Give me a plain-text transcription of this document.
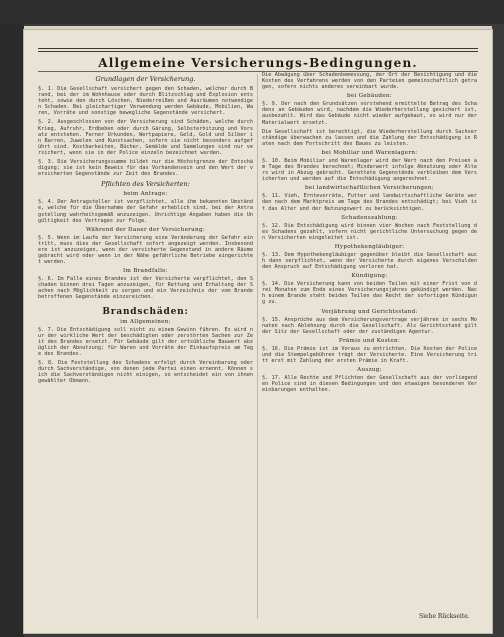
Allgemeine Versicherungs-Bedingungen.
Grundlagen der Versicherung.

§. 1. Die Gesellschaft versichert gegen den Schaden, welcher durch Brand, bei der im Wohnhause oder durch Blitzschlag und Explosion entsteht, sowie den durch Löschen, Niederreißen und Ausräumen notwendigen Schaden. Bei gleichartiger Verwendung werden Gebäude, Mobilien, Waren, Vorräte und sonstige bewegliche Gegenstände versichert.

§. 2. Ausgeschlossen von der Versicherung sind Schäden, welche durch Krieg, Aufruhr, Erdbeben oder durch Gärung, Selbsterhitzung und Vorsatz entstehen. Ferner Urkunden, Wertpapiere, Geld, Gold und Silber in Barren, Juwelen und Kunstsachen, sofern sie nicht besonders aufgeführt sind. Kostbarkeiten, Bücher, Gemälde und Sammlungen sind nur versichert, wenn sie in der Police einzeln bezeichnet wurden.

§. 3. Die Versicherungssumme bildet nur die Höchstgrenze der Entschädigung; sie ist kein Beweis für das Vorhandensein und den Wert der versicherten Gegenstände zur Zeit des Brandes.

Pflichten des Versicherten:
beim Antrage:

§. 4. Der Antragsteller ist verpflichtet, alle ihm bekannten Umstände, welche für die Übernahme der Gefahr erheblich sind, bei der Antragstellung wahrheitsgemäß anzuzeigen. Unrichtige Angaben haben die Ungültigkeit des Vertrages zur Folge.

Während der Dauer der Versicherung:

§. 5. Wenn im Laufe der Versicherung eine Veränderung der Gefahr eintritt, muss dies der Gesellschaft sofort angezeigt werden. Insbesondere ist anzuzeigen, wenn der versicherte Gegenstand in andere Räume gebracht wird oder wenn in der Nähe gefährliche Betriebe eingerichtet werden.

Im Brandfalle:

§. 6. Im Falle eines Brandes ist der Versicherte verpflichtet, den Schaden binnen drei Tagen anzuzeigen, für Rettung und Erhaltung der Sachen nach Möglichkeit zu sorgen und ein Verzeichnis der vom Brande betroffenen Gegenstände einzureichen.

Brandschäden:
im Allgemeinen:

§. 7. Die Entschädigung soll nicht zu einem Gewinn führen. Es wird nur der wirkliche Wert der beschädigten oder zerstörten Sachen zur Zeit des Brandes ersetzt. Für Gebäude gilt der ortsübliche Bauwert abzüglich der Abnutzung; für Waren und Vorräte der Einkaufspreis am Tage des Brandes.

§. 8. Die Feststellung des Schadens erfolgt durch Vereinbarung oder durch Sachverständige, von denen jede Partei einen ernennt. Können sich die Sachverständigen nicht einigen, so entscheidet ein von ihnen gewählter Obmann.

Die Abwägung über Schadenbemessung, der Ort der Besichtigung und die Kosten des Verfahrens werden von den Parteien gemeinschaftlich getragen, sofern nichts anderes vereinbart wurde.

bei Gebäuden:

§. 9. Der nach den Grundsätzen vorstehend ermittelte Betrag des Schadens an Gebäuden wird, nachdem die Wiederherstellung gesichert ist, ausbezahlt. Wird das Gebäude nicht wieder aufgebaut, so wird nur der Materialwert ersetzt.

Die Gesellschaft ist berechtigt, die Wiederherstellung durch Sachverständige überwachen zu lassen und die Zahlung der Entschädigung in Raten nach dem Fortschritt des Baues zu leisten.

bei Mobiliar und Warenlagern:

§. 10. Beim Mobiliar und Warenlager wird der Wert nach den Preisen am Tage des Brandes berechnet; Minderwert infolge Abnutzung oder Alters wird in Abzug gebracht. Gerettete Gegenstände verbleiben dem Versicherten und werden auf die Entschädigung angerechnet.

bei landwirtschaftlichen Versicherungen:

§. 11. Vieh, Erntevorräte, Futter und landwirtschaftliche Geräte werden nach dem Marktpreis am Tage des Brandes entschädigt; bei Vieh ist das Alter und der Nutzungswert zu berücksichtigen.

Schadenszahlung:

§. 12. Die Entschädigung wird binnen vier Wochen nach Feststellung des Schadens gezahlt, sofern nicht gerichtliche Untersuchung gegen den Versicherten eingeleitet ist.

Hypothekengläubiger:

§. 13. Dem Hypothekengläubiger gegenüber bleibt die Gesellschaft auch dann verpflichtet, wenn der Versicherte durch eigenes Verschulden den Anspruch auf Entschädigung verloren hat.

Kündigung:

§. 14. Die Versicherung kann von beiden Teilen mit einer Frist von drei Monaten zum Ende eines Versicherungsjahres gekündigt werden. Nach einem Brande steht beiden Teilen das Recht der sofortigen Kündigung zu.

Verjährung und Gerichtsstand:

§. 15. Ansprüche aus dem Versicherungsvertrage verjähren in sechs Monaten nach Ablehnung durch die Gesellschaft. Als Gerichtsstand gilt der Sitz der Gesellschaft oder der zuständigen Agentur.

Prämie und Kosten:

§. 16. Die Prämie ist im Voraus zu entrichten. Die Kosten der Police und die Stempelgebühren trägt der Versicherte. Eine Versicherung tritt erst mit Zahlung der ersten Prämie in Kraft.

Auszug:

§. 17. Alle Rechte und Pflichten der Gesellschaft aus der vorliegenden Police sind in diesen Bedingungen und den etwaigen besonderen Vereinbarungen enthalten.

Siehe Rückseite.
